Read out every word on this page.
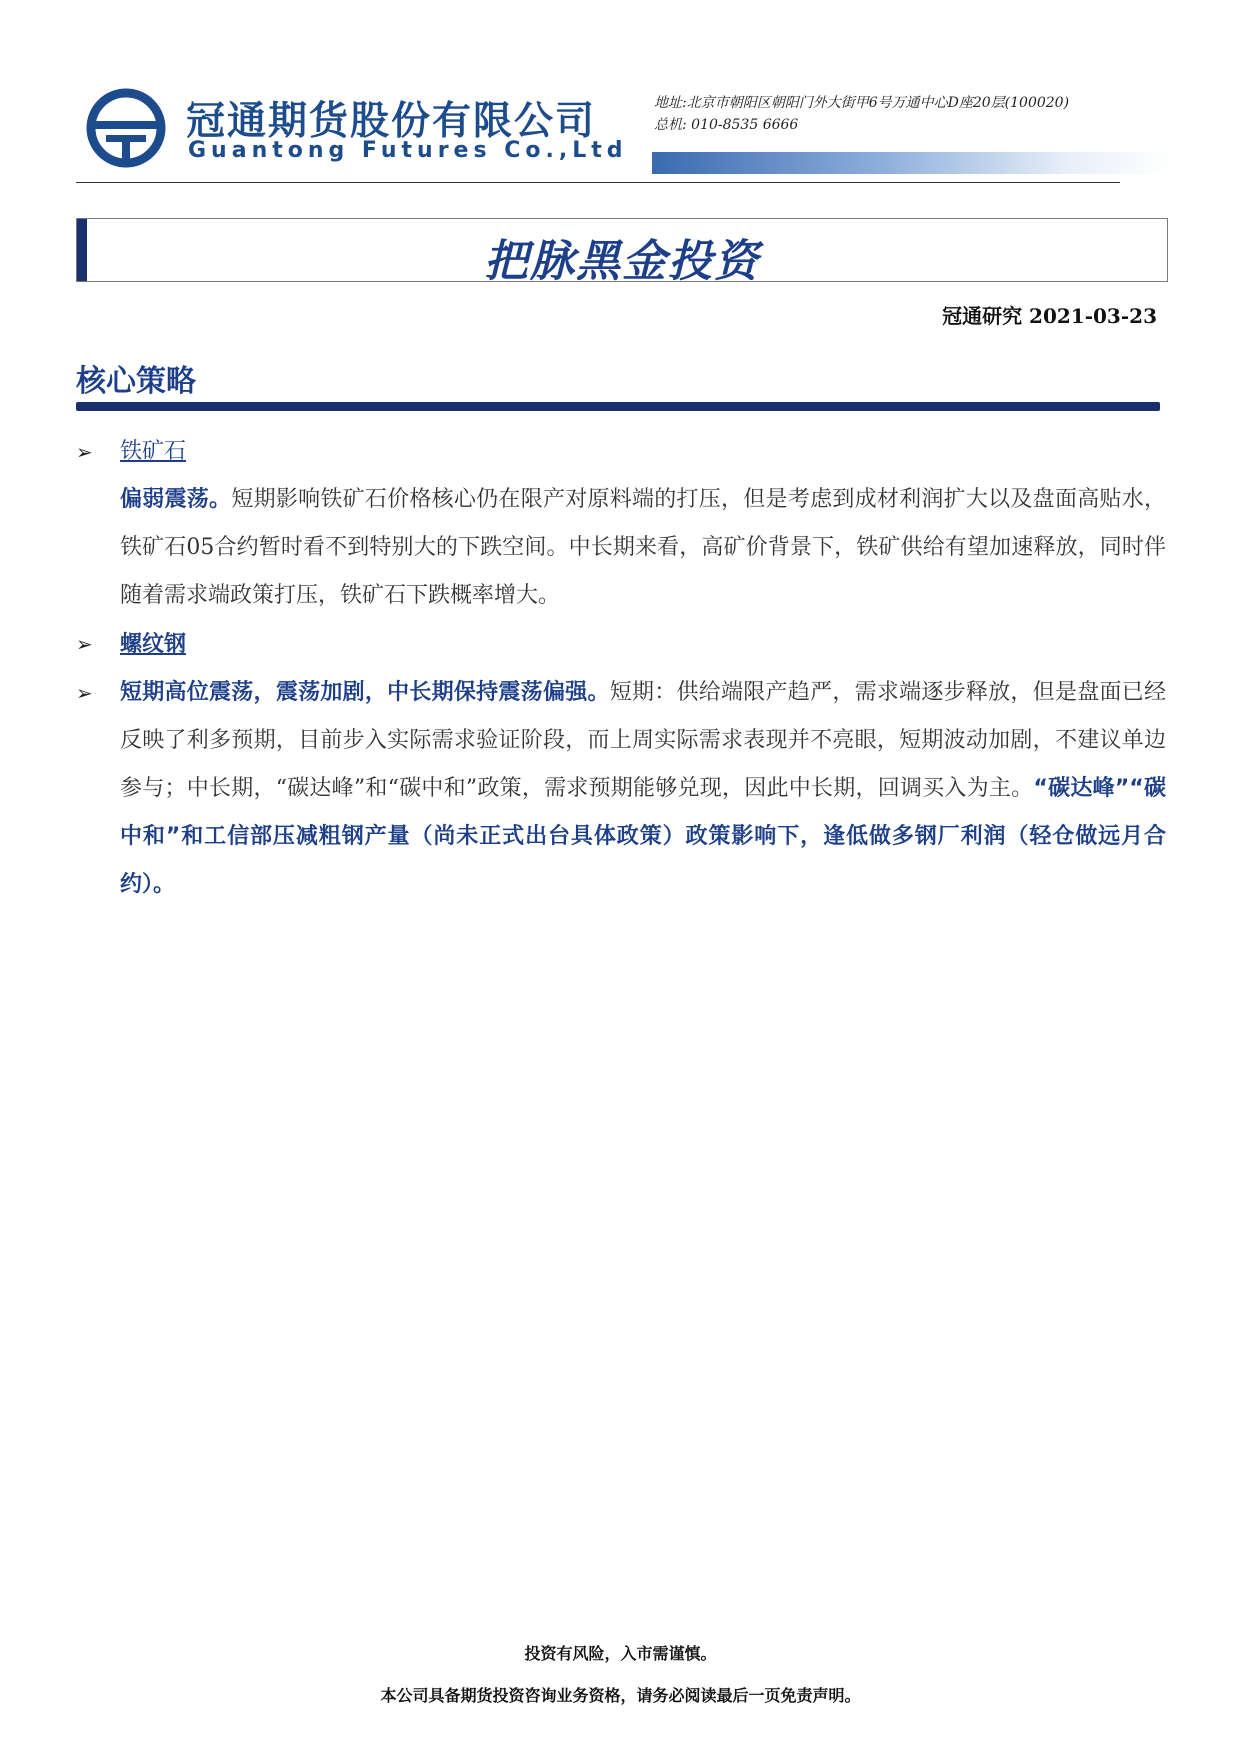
冠通期货股份有限公司
Guantong Futures Co.,Ltd
地址:北京市朝阳区朝阳门外大街甲6号万通中心D座20层(100020)
总机: 010-8535 6666
把脉黑金投资
冠通研究 2021-03-23
核心策略
➢	铁矿石
偏弱震荡。短期影响铁矿石价格核心仍在限产对原料端的打压，但是考虑到成材利润扩大以及盘面高贴水，铁矿石05合约暂时看不到特别大的下跌空间。中长期来看，高矿价背景下，铁矿供给有望加速释放，同时伴随着需求端政策打压，铁矿石下跌概率增大。
➢	螺纹钢
➢	短期高位震荡，震荡加剧，中长期保持震荡偏强。短期：供给端限产趋严，需求端逐步释放，但是盘面已经反映了利多预期，目前步入实际需求验证阶段，而上周实际需求表现并不亮眼，短期波动加剧，不建议单边参与；中长期，“碳达峰”和“碳中和”政策，需求预期能够兑现，因此中长期，回调买入为主。“碳达峰”“碳中和”和工信部压减粗钢产量（尚未正式出台具体政策）政策影响下，逢低做多钢厂利润（轻仓做远月合约）。
投资有风险，入市需谨慎。
本公司具备期货投资咨询业务资格，请务必阅读最后一页免责声明。
